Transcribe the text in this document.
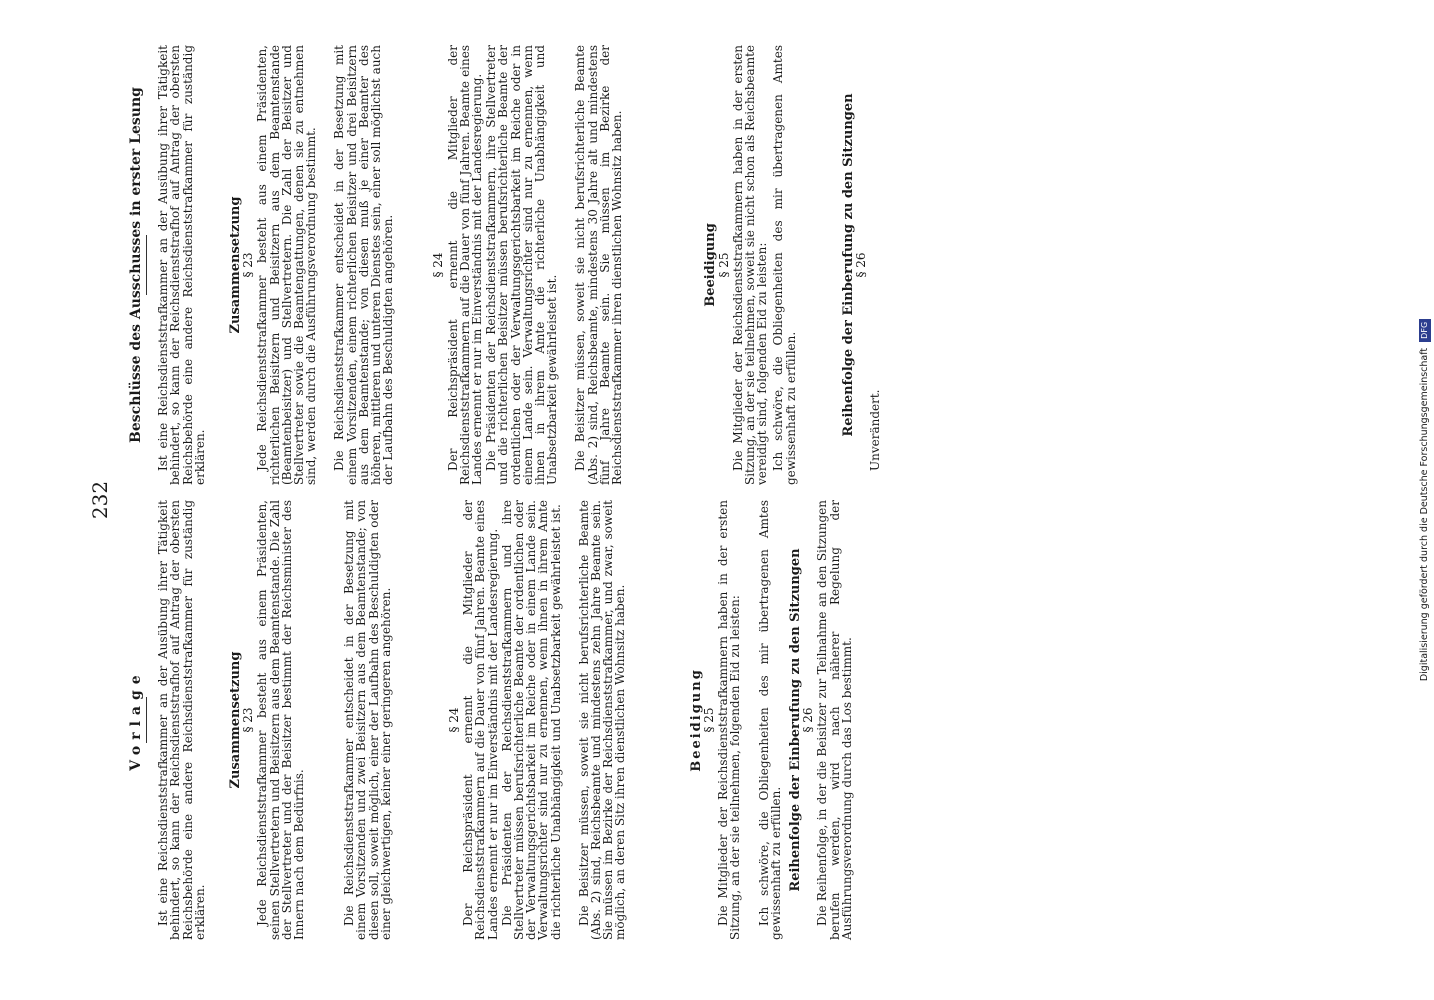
232
Vorlage Ist eine Reichsdienststrafkammer an der Ausübung ihrer Tätigkeit behindert, so kann der Reichsdienststrafhof auf Antrag der obersten Reichsbehörde eine andere Reichsdienststrafkammer für zuständig erklären.

Zusammensetzung
§ 23 Jede Reichsdienststrafkammer besteht aus einem Präsidenten, seinen Stellvertretern und Beisitzern aus dem Beamtenstande. Die Zahl der Stellvertreter und der Beisitzer bestimmt der Reichsminister des Innern nach dem Bedürfnis.	Die Reichsdienststrafkammer entscheidet in der Besetzung mit einem Vorsitzenden und zwei Beisitzern aus dem Beamtenstande; von diesen soll, soweit möglich, einer der Laufbahn des Beschuldigten oder einer gleichwertigen, keiner einer geringeren angehören.	§ 24 Der Reichspräsident ernennt die Mitglieder der Reichsdienststrafkammern auf die Dauer von fünf Jahren. Beamte eines Landes ernennt er nur im Einverständnis mit der Landesregierung. Die Präsidenten der Reichsdienststrafkammern und ihre Stellvertreter müssen berufsrichterliche Beamte der ordentlichen oder der Verwaltungsgerichtsbarkeit im Reiche oder in einem Lande sein. Verwaltungsrichter sind nur zu ernennen, wenn ihnen in ihrem Amte die richterliche Unabhängigkeit und Unabsetzbarkeit gewährleistet ist. Die Beisitzer müssen, soweit sie nicht berufsrichterliche Beamte (Abs. 2) sind, Reichsbeamte und mindestens zehn Jahre Beamte sein. Sie müssen im Bezirke der Reichsdienststrafkammer, und zwar, soweit möglich, an deren Sitz ihren dienstlichen Wohnsitz haben.	Beeidigung
§ 25 Die Mitglieder der Reichsdienststrafkammern haben in der ersten Sitzung, an der sie teilnehmen, folgenden Eid zu leisten: Ich schwöre, die Obliegenheiten des mir übertragenen Amtes gewissenhaft zu erfüllen. Reihenfolge der Einberufung zu den Sitzungen
§ 26 Die Reihenfolge, in der die Beisitzer zur Teilnahme an den Sitzungen berufen werden, wird nach näherer Regelung der Ausführungsverordnung durch das Los bestimmt.

Beschlüsse des Ausschusses in erster Lesung Ist eine Reichsdienststrafkammer an der Ausübung ihrer Tätigkeit behindert, so kann der Reichsdienststrafhof auf Antrag der obersten Reichsbehörde eine andere Reichsdienststrafkammer für zuständig erklären.

Zusammensetzung
§ 23 Jede Reichsdienststrafkammer besteht aus einem Präsidenten, richterlichen Beisitzern und Beisitzern aus dem Beamtenstande (Beamtenbeisitzer) und Stellvertretern. Die Zahl der Beisitzer und Stellvertreter sowie die Beamtengattungen, denen sie zu entnehmen sind, werden durch die Ausführungsverordnung bestimmt. Die Reichsdienststrafkammer entscheidet in der Besetzung mit einem Vorsitzenden, einem richterlichen Beisitzer und drei Beisitzern aus dem Beamtenstande; von diesen muß je einer Beamter des höheren, mittleren und unteren Dienstes sein, einer soll möglichst auch der Laufbahn des Beschuldigten angehören.	§ 24 Der Reichspräsident ernennt die Mitglieder der Reichsdienststrafkammern auf die Dauer von fünf Jahren. Beamte eines Landes ernennt er nur im Einverständnis mit der Landesregierung. Die Präsidenten der Reichsdienststrafkammern, ihre Stellvertreter und die richterlichen Beisitzer müssen berufsrichterliche Beamte der ordentlichen oder der Verwaltungsgerichtsbarkeit im Reiche oder in einem Lande sein. Verwaltungsrichter sind nur zu ernennen, wenn ihnen in ihrem Amte die richterliche Unabhängigkeit und Unabsetzbarkeit gewährleistet ist. Die Beisitzer müssen, soweit sie nicht berufsrichterliche Beamte (Abs. 2) sind, Reichsbeamte, mindestens 30 Jahre alt und mindestens fünf Jahre Beamte sein. Sie müssen im Bezirke der Reichsdienststrafkammer ihren dienstlichen Wohnsitz haben.	Beeidigung
§ 25 Die Mitglieder der Reichsdienststrafkammern haben in der ersten Sitzung, an der sie teilnehmen, soweit sie nicht schon als Reichsbeamte vereidigt sind, folgenden Eid zu leisten: Ich schwöre, die Obliegenheiten des mir übertragenen Amtes gewissenhaft zu erfüllen.	Reihenfolge der Einberufung zu den Sitzungen
§ 26

Unverändert.	Digitalisierung gefördert durch die Deutsche Forschungsgemeinschaft DFG
